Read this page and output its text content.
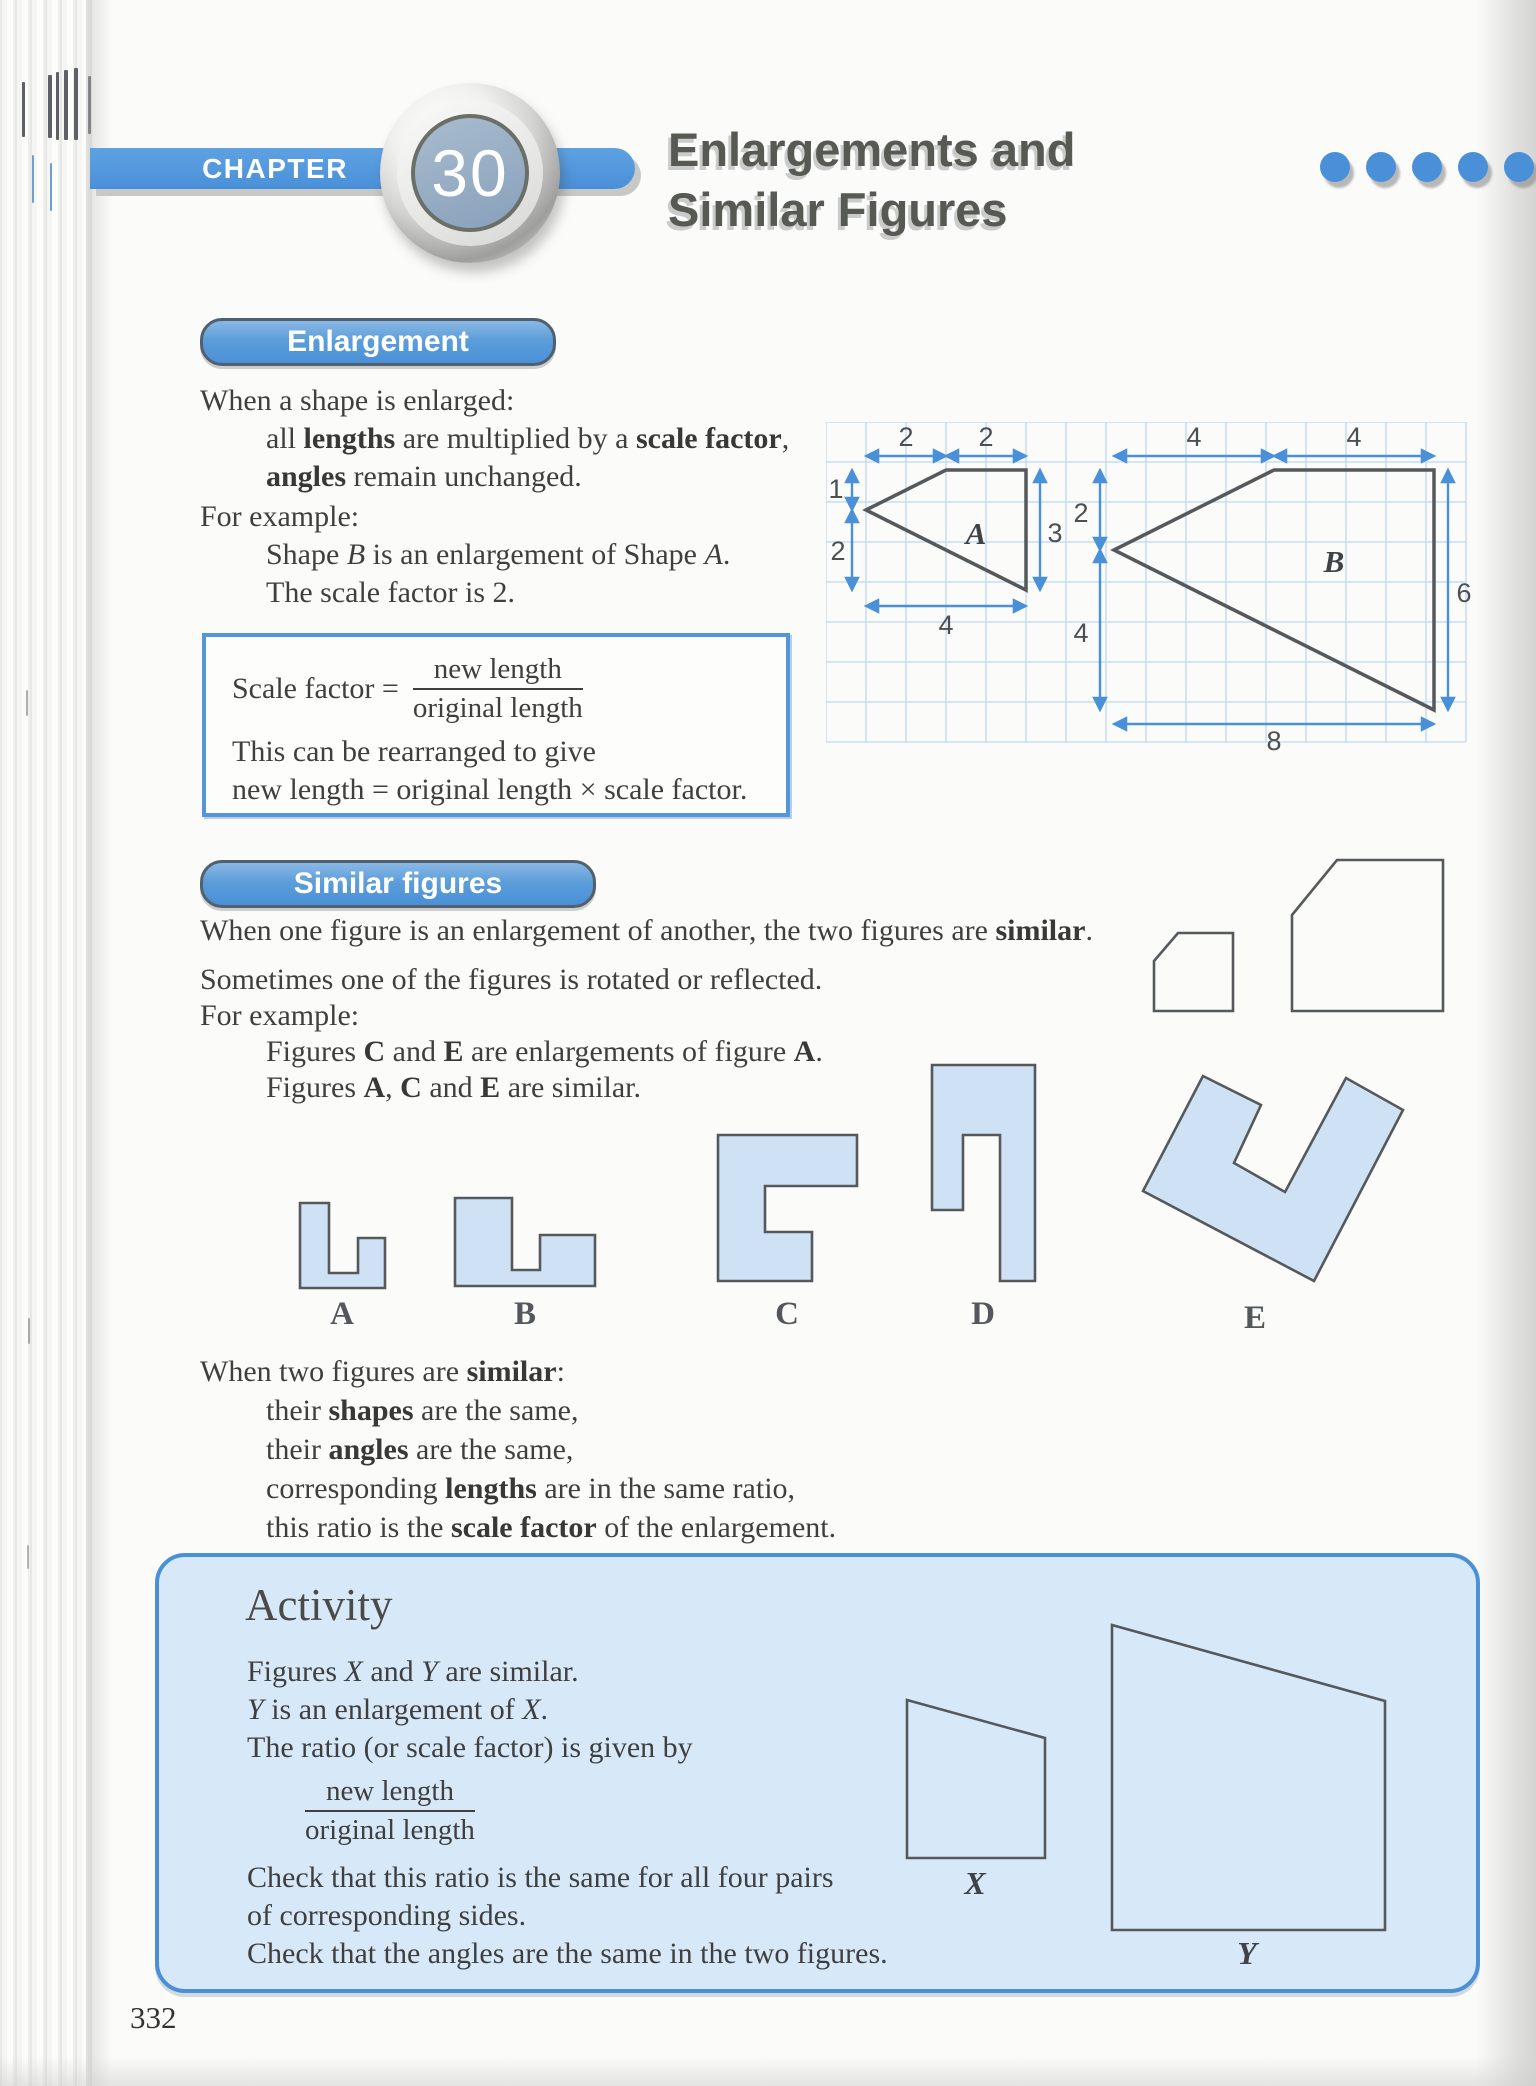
CHAPTER	30	Enlargements and
Similar Figures
Enlargement
When a shape is enlarged:
all lengths are multiplied by a scale factor,
angles remain unchanged.
For example:
Shape B is an enlargement of Shape A.
The scale factor is 2.
2 2
1
2
3
4
4	4
2
4
6
8
A
B
Scale factor = $\frac{\text{new length}}{\text{original length}}$
This can be rearranged to give
new length = original length × scale factor.
Similar figures
When one figure is an enlargement of another, the two figures are similar.
Sometimes one of the figures is rotated or reflected.
For example:
Figures C and E are enlargements of figure A.
Figures A, C and E are similar.
A	B	C	D	E
When two figures are similar:
their shapes are the same,
their angles are the same,
corresponding lengths are in the same ratio,
this ratio is the scale factor of the enlargement.
Activity
Figures X and Y are similar.
Y is an enlargement of X.
The ratio (or scale factor) is given by
new length
original length
Check that this ratio is the same for all four pairs
of corresponding sides.
Check that the angles are the same in the two figures.
X
Y
332
